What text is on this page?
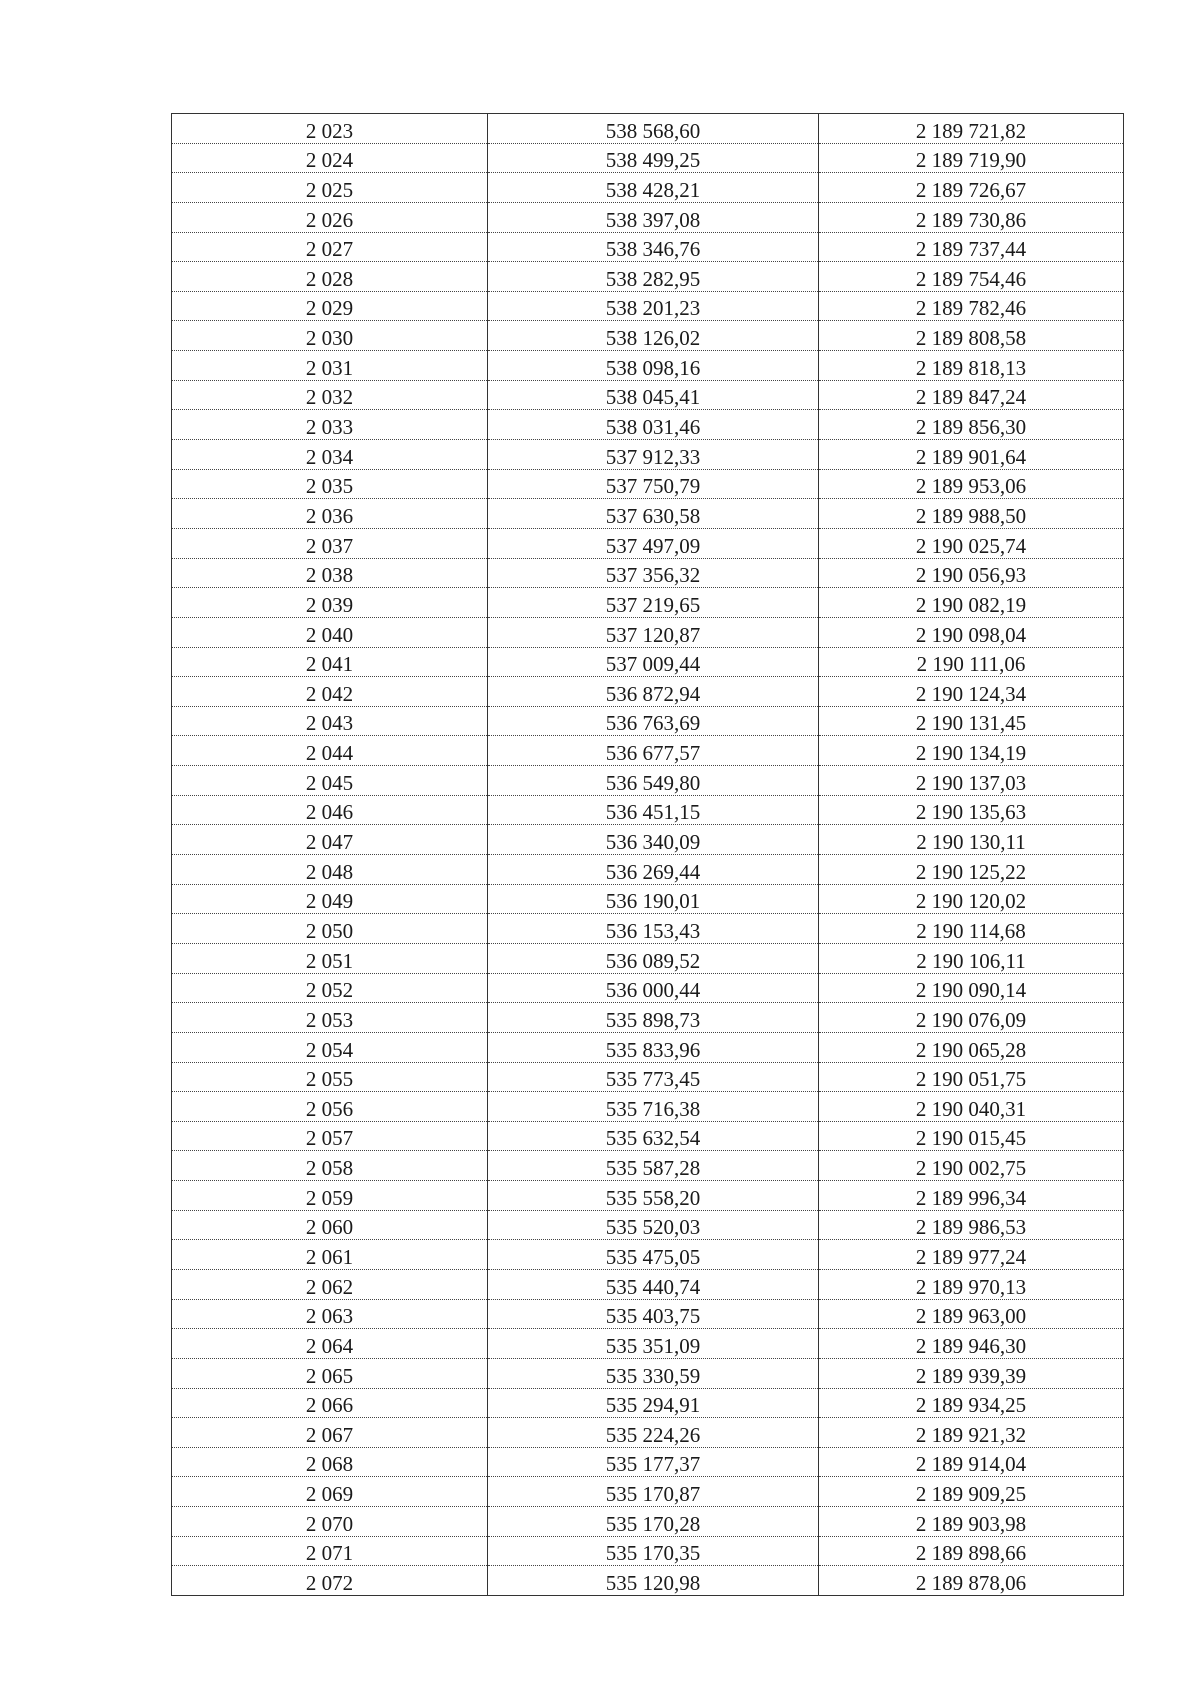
2 023	538 568,60	2 189 721,82
2 024	538 499,25	2 189 719,90
2 025	538 428,21	2 189 726,67
2 026	538 397,08	2 189 730,86
2 027	538 346,76	2 189 737,44
2 028	538 282,95	2 189 754,46
2 029	538 201,23	2 189 782,46
2 030	538 126,02	2 189 808,58
2 031	538 098,16	2 189 818,13
2 032	538 045,41	2 189 847,24
2 033	538 031,46	2 189 856,30
2 034	537 912,33	2 189 901,64
2 035	537 750,79	2 189 953,06
2 036	537 630,58	2 189 988,50
2 037	537 497,09	2 190 025,74
2 038	537 356,32	2 190 056,93
2 039	537 219,65	2 190 082,19
2 040	537 120,87	2 190 098,04
2 041	537 009,44	2 190 111,06
2 042	536 872,94	2 190 124,34
2 043	536 763,69	2 190 131,45
2 044	536 677,57	2 190 134,19
2 045	536 549,80	2 190 137,03
2 046	536 451,15	2 190 135,63
2 047	536 340,09	2 190 130,11
2 048	536 269,44	2 190 125,22
2 049	536 190,01	2 190 120,02
2 050	536 153,43	2 190 114,68
2 051	536 089,52	2 190 106,11
2 052	536 000,44	2 190 090,14
2 053	535 898,73	2 190 076,09
2 054	535 833,96	2 190 065,28
2 055	535 773,45	2 190 051,75
2 056	535 716,38	2 190 040,31
2 057	535 632,54	2 190 015,45
2 058	535 587,28	2 190 002,75
2 059	535 558,20	2 189 996,34
2 060	535 520,03	2 189 986,53
2 061	535 475,05	2 189 977,24
2 062	535 440,74	2 189 970,13
2 063	535 403,75	2 189 963,00
2 064	535 351,09	2 189 946,30
2 065	535 330,59	2 189 939,39
2 066	535 294,91	2 189 934,25
2 067	535 224,26	2 189 921,32
2 068	535 177,37	2 189 914,04
2 069	535 170,87	2 189 909,25
2 070	535 170,28	2 189 903,98
2 071	535 170,35	2 189 898,66
2 072	535 120,98	2 189 878,06
